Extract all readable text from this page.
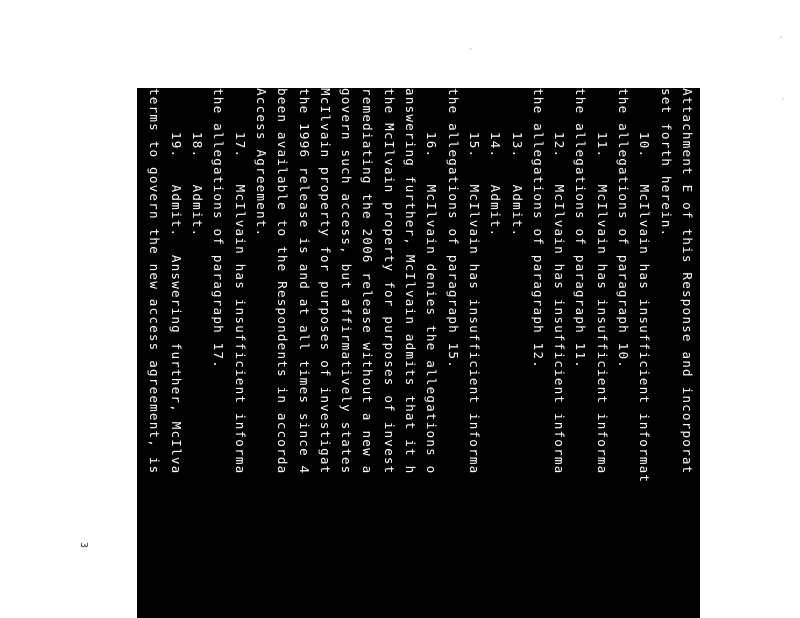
3
Attachment E of this Response and incorporat
set forth herein.
10.   McIlvain has insufficient informat
the allegations of paragraph 10.
11.   McIlvain has insufficient informa
the allegations of paragraph 11.
12.   McIlvain has insufficient informa
the allegations of paragraph 12.
13.   Admit.
14.   Admit.
15.   McIlvain has insufficient informa
the allegations of paragraph 15.
16.   McIlvain denies the allegations o
answering further, McIlvain admits that it h
the McIlvain property for purposes of invest
remediating the 2006 release without a new a
govern such access, but affirmatively states
McIlvain property for purposes of investigat
the 1996 release is and at all times since 4
been available to the Respondents in accorda
Access Agreement.
17.   McIlvain has insufficient informa
the allegations of paragraph 17.
18.   Admit.
19.   Admit.  Answering further, McIlva
terms to govern the new access agreement, is
